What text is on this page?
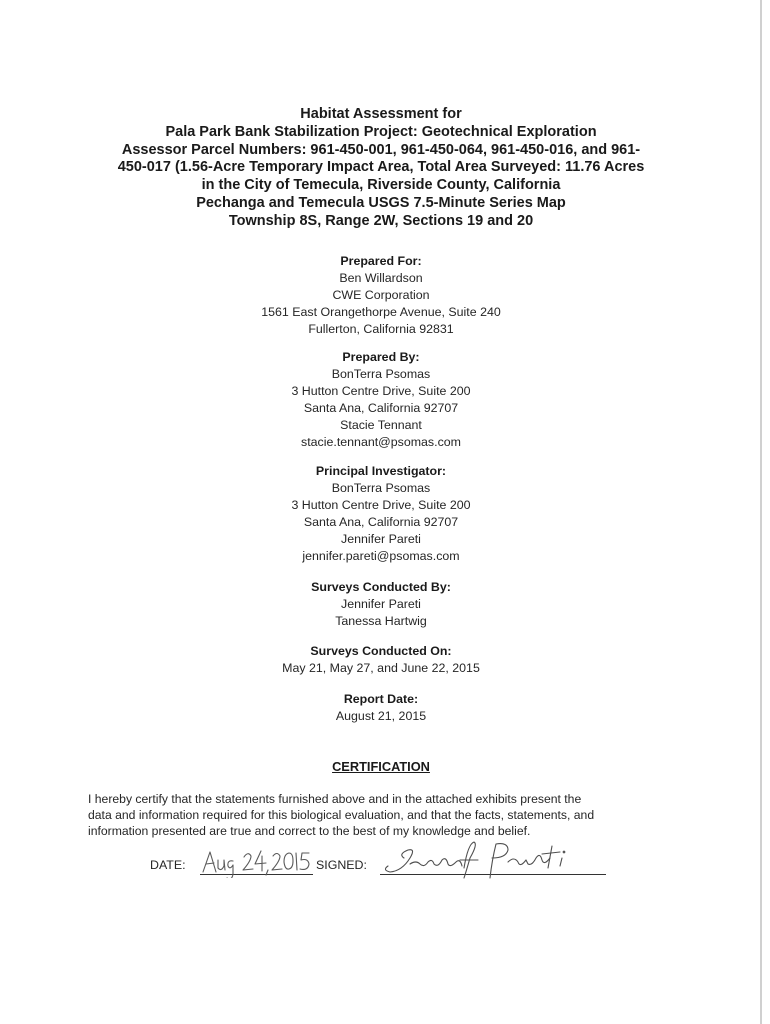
Habitat Assessment for
Pala Park Bank Stabilization Project: Geotechnical Exploration
Assessor Parcel Numbers: 961-450-001, 961-450-064, 961-450-016, and 961-
450-017 (1.56-Acre Temporary Impact Area, Total Area Surveyed: 11.76 Acres
in the City of Temecula, Riverside County, California
Pechanga and Temecula USGS 7.5-Minute Series Map
Township 8S, Range 2W, Sections 19 and 20
Prepared For:
Ben Willardson
CWE Corporation
1561 East Orangethorpe Avenue, Suite 240
Fullerton, California 92831
Prepared By:
BonTerra Psomas
3 Hutton Centre Drive, Suite 200
Santa Ana, California 92707
Stacie Tennant
stacie.tennant@psomas.com
Principal Investigator:
BonTerra Psomas
3 Hutton Centre Drive, Suite 200
Santa Ana, California 92707
Jennifer Pareti
jennifer.pareti@psomas.com
Surveys Conducted By:
Jennifer Pareti
Tanessa Hartwig
Surveys Conducted On:
May 21, May 27, and June 22, 2015
Report Date:
August 21, 2015
CERTIFICATION
I hereby certify that the statements furnished above and in the attached exhibits present the
data and information required for this biological evaluation, and that the facts, statements, and
information presented are true and correct to the best of my knowledge and belief.
DATE:	SIGNED:
